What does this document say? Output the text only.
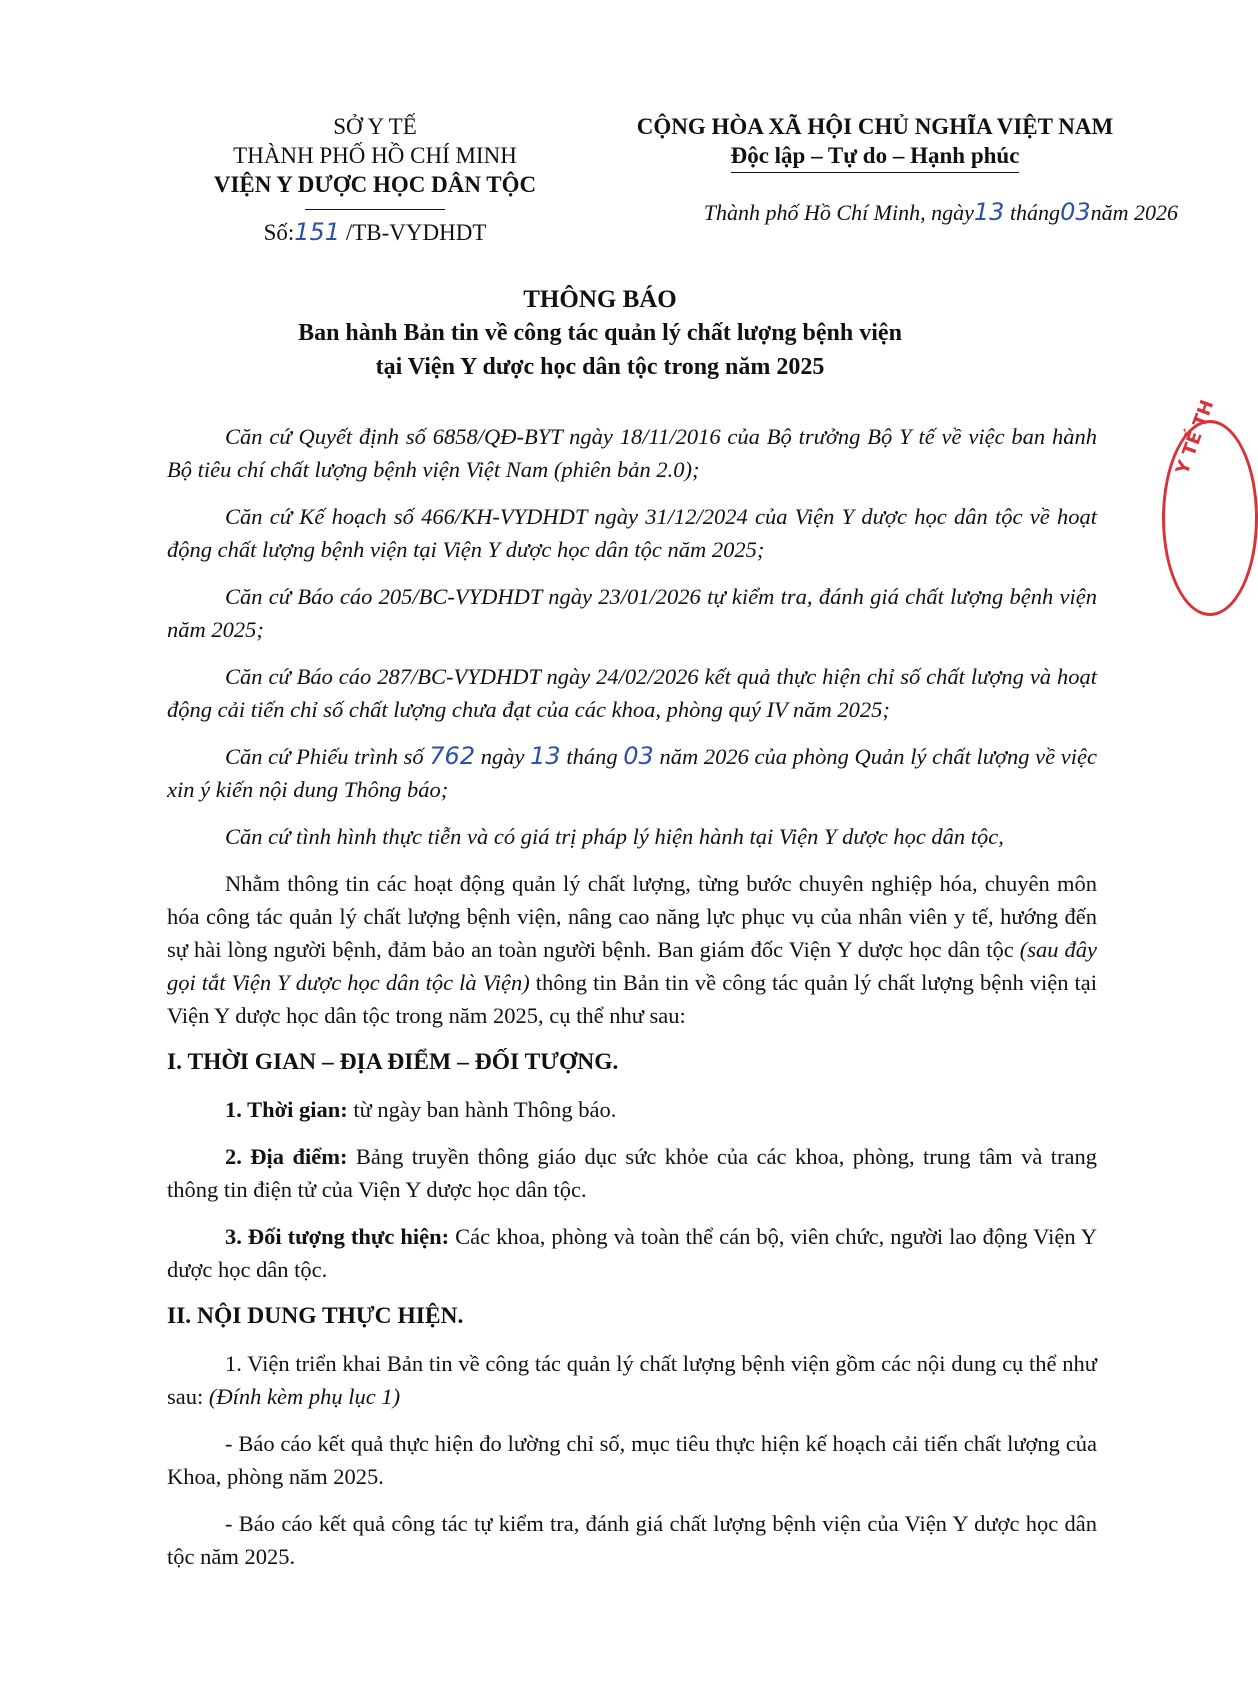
SỞ Y TẾ
THÀNH PHỐ HỒ CHÍ MINH
VIỆN Y DƯỢC HỌC DÂN TỘC
Số:151 /TB-VYDHDT
CỘNG HÒA XÃ HỘI CHỦ NGHĨA VIỆT NAM
Độc lập – Tự do – Hạnh phúc
Thành phố Hồ Chí Minh, ngày13 tháng03năm 2026
THÔNG BÁO
Ban hành Bản tin về công tác quản lý chất lượng bệnh viện
tại Viện Y dược học dân tộc trong năm 2025

Căn cứ Quyết định số 6858/QĐ-BYT ngày 18/11/2016 của Bộ trưởng Bộ Y tế về việc ban hành Bộ tiêu chí chất lượng bệnh viện Việt Nam (phiên bản 2.0);

Căn cứ Kế hoạch số 466/KH-VYDHDT ngày 31/12/2024 của Viện Y dược học dân tộc về hoạt động chất lượng bệnh viện tại Viện Y dược học dân tộc năm 2025;

Căn cứ Báo cáo 205/BC-VYDHDT ngày 23/01/2026 tự kiểm tra, đánh giá chất lượng bệnh viện năm 2025;

Căn cứ Báo cáo 287/BC-VYDHDT ngày 24/02/2026 kết quả thực hiện chỉ số chất lượng và hoạt động cải tiến chỉ số chất lượng chưa đạt của các khoa, phòng quý IV năm 2025;

Căn cứ Phiếu trình số 762 ngày 13 tháng 03 năm 2026 của phòng Quản lý chất lượng về việc xin ý kiến nội dung Thông báo;

Căn cứ tình hình thực tiễn và có giá trị pháp lý hiện hành tại Viện Y dược học dân tộc,

Nhằm thông tin các hoạt động quản lý chất lượng, từng bước chuyên nghiệp hóa, chuyên môn hóa công tác quản lý chất lượng bệnh viện, nâng cao năng lực phục vụ của nhân viên y tế, hướng đến sự hài lòng người bệnh, đảm bảo an toàn người bệnh. Ban giám đốc Viện Y dược học dân tộc (sau đây gọi tắt Viện Y dược học dân tộc là Viện) thông tin Bản tin về công tác quản lý chất lượng bệnh viện tại Viện Y dược học dân tộc trong năm 2025, cụ thể như sau:

I. THỜI GIAN – ĐỊA ĐIỂM – ĐỐI TƯỢNG.

1. Thời gian: từ ngày ban hành Thông báo.

2. Địa điểm: Bảng truyền thông giáo dục sức khỏe của các khoa, phòng, trung tâm và trang thông tin điện tử của Viện Y dược học dân tộc.

3. Đối tượng thực hiện: Các khoa, phòng và toàn thể cán bộ, viên chức, người lao động Viện Y dược học dân tộc.

II. NỘI DUNG THỰC HIỆN.

1. Viện triển khai Bản tin về công tác quản lý chất lượng bệnh viện gồm các nội dung cụ thể như sau: (Đính kèm phụ lục 1)

- Báo cáo kết quả thực hiện đo lường chỉ số, mục tiêu thực hiện kế hoạch cải tiến chất lượng của Khoa, phòng năm 2025.

- Báo cáo kết quả công tác tự kiểm tra, đánh giá chất lượng bệnh viện của Viện Y dược học dân tộc năm 2025.

Y TẾ TH
